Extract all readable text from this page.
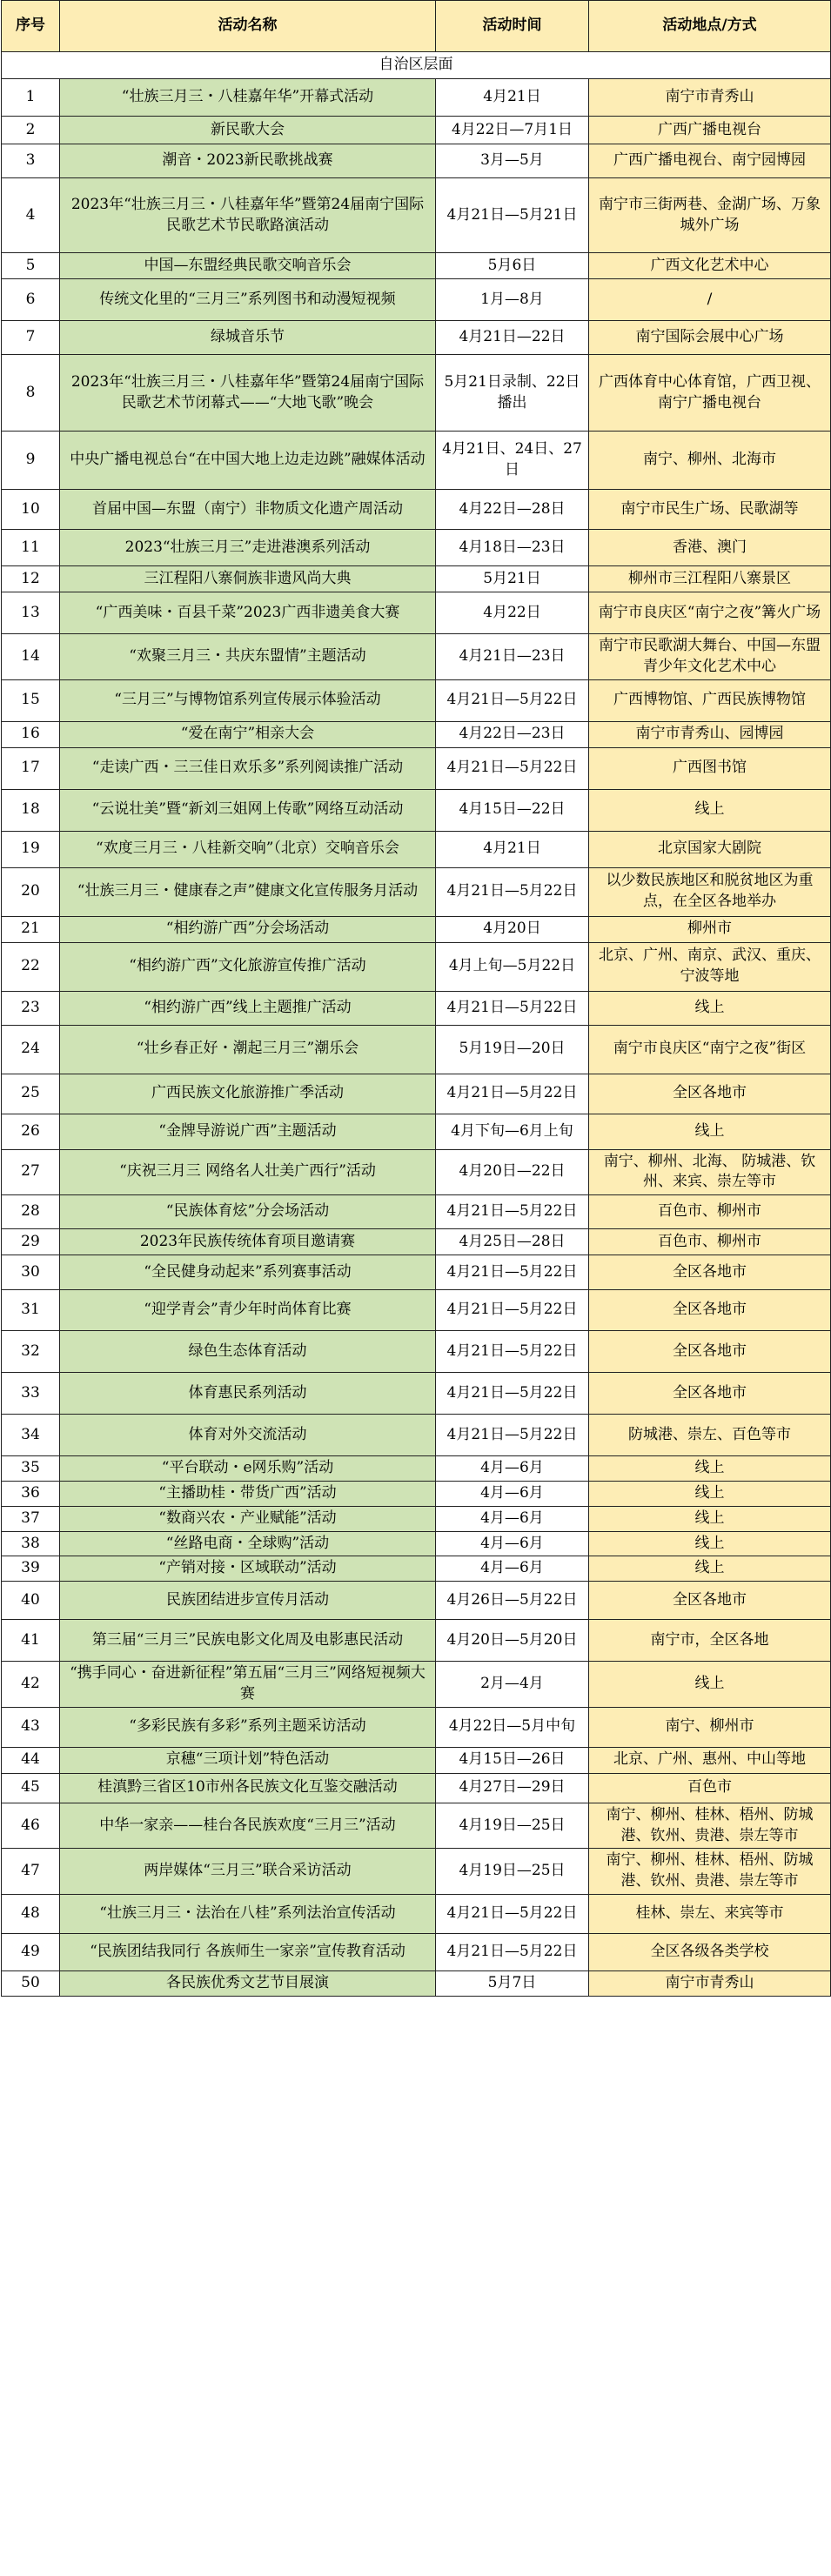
序号	活动名称	活动时间	活动地点/方式
自治区层面			
1	“壮族三月三・八桂嘉年华”开幕式活动	4月21日	南宁市青秀山
2	新民歌大会	4月22日—7月1日	广西广播电视台
3	潮音・2023新民歌挑战赛	3月—5月	广西广播电视台、南宁园博园
4	2023年“壮族三月三・八桂嘉年华”暨第24届南宁国际民歌艺术节民歌路演活动	4月21日—5月21日	南宁市三街两巷、金湖广场、万象城外广场
5	中国—东盟经典民歌交响音乐会	5月6日	广西文化艺术中心
6	传统文化里的“三月三”系列图书和动漫短视频	1月—8月	/
7	绿城音乐节	4月21日—22日	南宁国际会展中心广场
8	2023年“壮族三月三・八桂嘉年华”暨第24届南宁国际民歌艺术节闭幕式——“大地飞歌”晚会	5月21日录制、22日播出	广西体育中心体育馆，广西卫视、南宁广播电视台
9	中央广播电视总台“在中国大地上边走边跳”融媒体活动	4月21日、24日、27日	南宁、柳州、北海市
10	首届中国—东盟（南宁）非物质文化遗产周活动	4月22日—28日	南宁市民生广场、民歌湖等
11	2023“壮族三月三”走进港澳系列活动	4月18日—23日	香港、澳门
12	三江程阳八寨侗族非遗风尚大典	5月21日	柳州市三江程阳八寨景区
13	“广西美味・百县千菜”2023广西非遗美食大赛	4月22日	南宁市良庆区“南宁之夜”篝火广场
14	“欢聚三月三・共庆东盟情”主题活动	4月21日—23日	南宁市民歌湖大舞台、中国—东盟青少年文化艺术中心
15	“三月三”与博物馆系列宣传展示体验活动	4月21日—5月22日	广西博物馆、广西民族博物馆
16	“爱在南宁”相亲大会	4月22日—23日	南宁市青秀山、园博园
17	“走读广西・三三佳日欢乐多”系列阅读推广活动	4月21日—5月22日	广西图书馆
18	“云说壮美”暨“新刘三姐网上传歌”网络互动活动	4月15日—22日	线上
19	“欢度三月三・八桂新交响”（北京）交响音乐会	4月21日	北京国家大剧院
20	“壮族三月三・健康春之声”健康文化宣传服务月活动	4月21日—5月22日	以少数民族地区和脱贫地区为重点，在全区各地举办
21	“相约游广西”分会场活动	4月20日	柳州市
22	“相约游广西”文化旅游宣传推广活动	4月上旬—5月22日	北京、广州、南京、武汉、重庆、宁波等地
23	“相约游广西”线上主题推广活动	4月21日—5月22日	线上
24	“壮乡春正好・潮起三月三”潮乐会	5月19日—20日	南宁市良庆区“南宁之夜”街区
25	广西民族文化旅游推广季活动	4月21日—5月22日	全区各地市
26	“金牌导游说广西”主题活动	4月下旬—6月上旬	线上
27	“庆祝三月三 网络名人壮美广西行”活动	4月20日—22日	南宁、柳州、北海、 防城港、钦州、来宾、崇左等市
28	“民族体育炫”分会场活动	4月21日—5月22日	百色市、柳州市
29	2023年民族传统体育项目邀请赛	4月25日—28日	百色市、柳州市
30	“全民健身动起来”系列赛事活动	4月21日—5月22日	全区各地市
31	“迎学青会”青少年时尚体育比赛	4月21日—5月22日	全区各地市
32	绿色生态体育活动	4月21日—5月22日	全区各地市
33	体育惠民系列活动	4月21日—5月22日	全区各地市
34	体育对外交流活动	4月21日—5月22日	防城港、崇左、百色等市
35	“平台联动・e网乐购”活动	4月—6月	线上
36	“主播助桂・带货广西”活动	4月—6月	线上
37	“数商兴农・产业赋能”活动	4月—6月	线上
38	“丝路电商・全球购”活动	4月—6月	线上
39	“产销对接・区域联动”活动	4月—6月	线上
40	民族团结进步宣传月活动	4月26日—5月22日	全区各地市
41	第三届“三月三”民族电影文化周及电影惠民活动	4月20日—5月20日	南宁市，全区各地
42	“携手同心・奋进新征程”第五届“三月三”网络短视频大赛	2月—4月	线上
43	“多彩民族有多彩”系列主题采访活动	4月22日—5月中旬	南宁、柳州市
44	京穗“三项计划”特色活动	4月15日—26日	北京、广州、惠州、中山等地
45	桂滇黔三省区10市州各民族文化互鉴交融活动	4月27日—29日	百色市
46	中华一家亲——桂台各民族欢度“三月三”活动	4月19日—25日	南宁、柳州、桂林、梧州、防城港、钦州、贵港、崇左等市
47	两岸媒体“三月三”联合采访活动	4月19日—25日	南宁、柳州、桂林、梧州、防城港、钦州、贵港、崇左等市
48	“壮族三月三・法治在八桂”系列法治宣传活动	4月21日—5月22日	桂林、崇左、来宾等市
49	“民族团结我同行 各族师生一家亲”宣传教育活动	4月21日—5月22日	全区各级各类学校
50	各民族优秀文艺节目展演	5月7日	南宁市青秀山
